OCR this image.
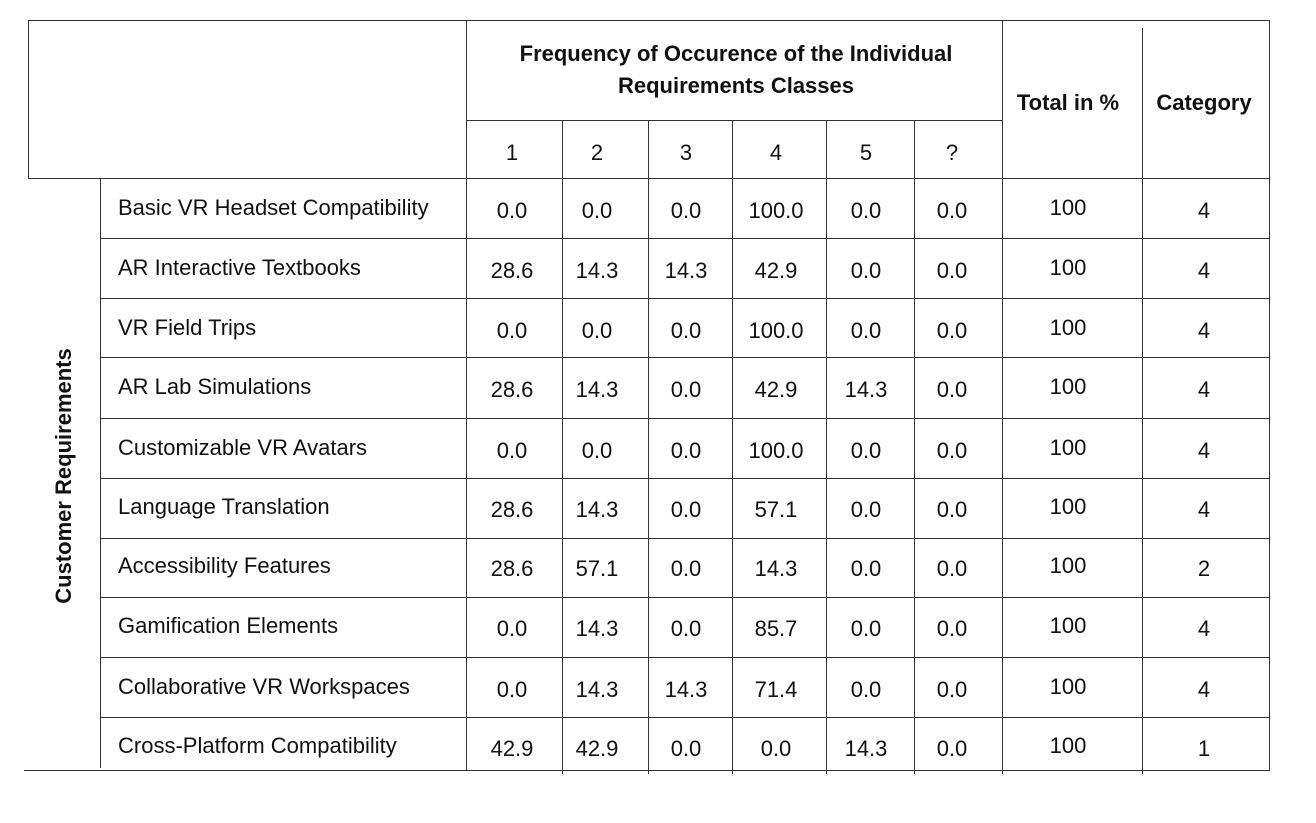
Frequency of Occurence of the Individual Requirements Classes
Total in % Category
Customer Requirements
1	2	3	4	5	?
Basic VR Headset Compatibility	0.0 0.0	0.0 100.0 0.0	0.0	100	4
AR Interactive Textbooks	28.6 14.3 14.3 42.9 0.0	0.0	100	4
VR Field Trips	0.0 0.0	0.0 100.0 0.0	0.0	100	4
AR Lab Simulations	28.6 14.3 0.0 42.9 14.3 0.0	100	4
Customizable VR Avatars	0.0 0.0	0.0 100.0 0.0	0.0	100	4
Language Translation	28.6 14.3 0.0 57.1 0.0	0.0	100	4
Accessibility Features	28.6 57.1 0.0 14.3 0.0	0.0	100	2
Gamification Elements	0.0 14.3 0.0 85.7 0.0	0.0	100	4
Collaborative VR Workspaces	0.0 14.3 14.3 71.4 0.0	0.0	100	4
Cross-Platform Compatibility	42.9 42.9 0.0	0.0 14.3 0.0	100	1
